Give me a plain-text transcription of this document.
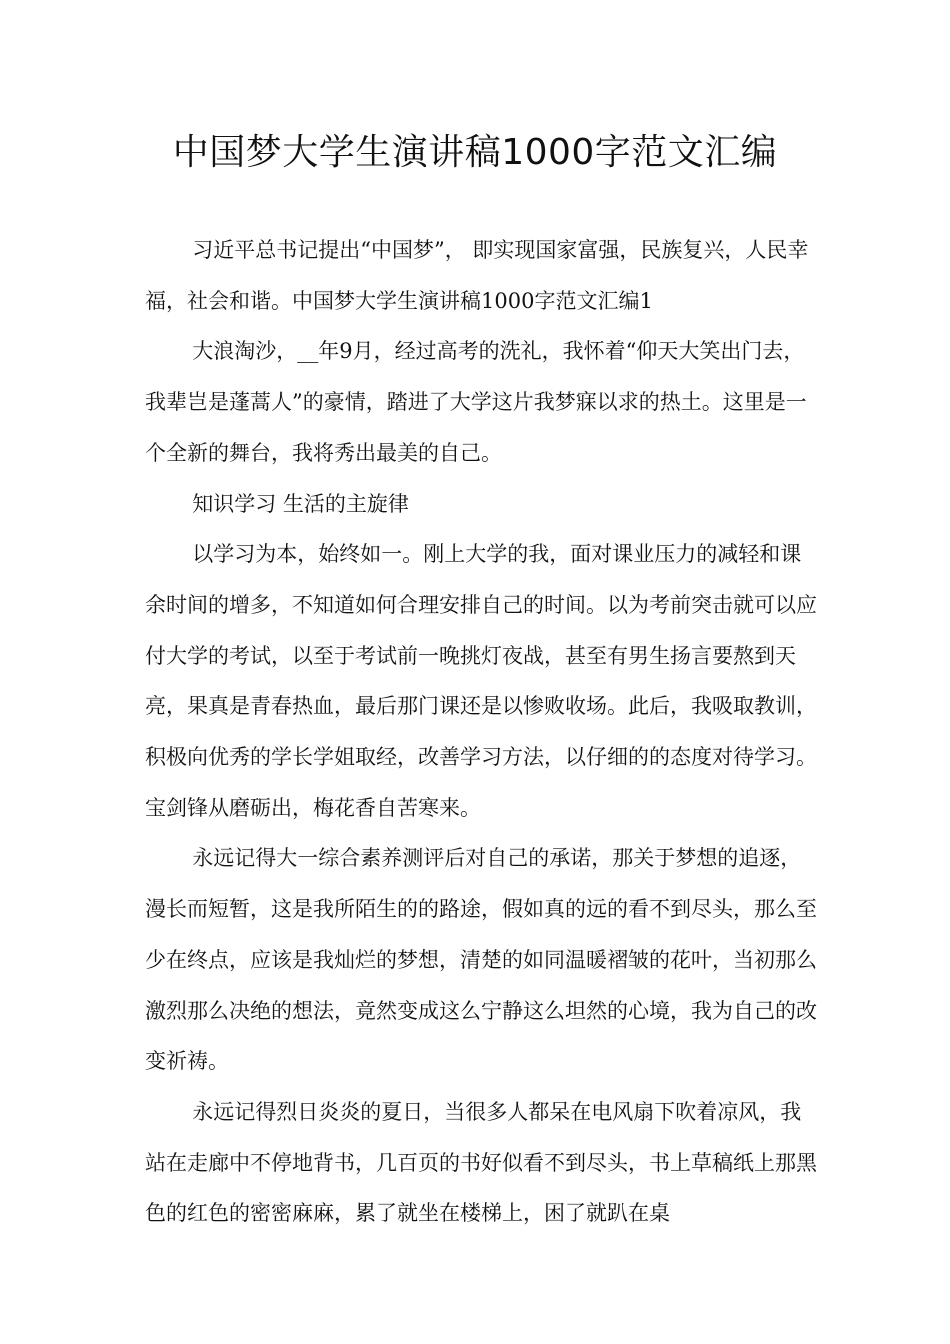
中国梦大学生演讲稿1000字范文汇编

习近平总书记提出“中国梦”， 即实现国家富强，民族复兴，人民幸福，社会和谐。中国梦大学生演讲稿1000字范文汇编1

大浪淘沙，__年9月，经过高考的洗礼，我怀着“仰天大笑出门去，我辈岂是蓬蒿人”的豪情，踏进了大学这片我梦寐以求的热土。这里是一个全新的舞台，我将秀出最美的自己。

知识学习 生活的主旋律

以学习为本，始终如一。刚上大学的我，面对课业压力的减轻和课余时间的增多，不知道如何合理安排自己的时间。以为考前突击就可以应付大学的考试，以至于考试前一晚挑灯夜战，甚至有男生扬言要熬到天亮，果真是青春热血，最后那门课还是以惨败收场。此后，我吸取教训，积极向优秀的学长学姐取经，改善学习方法，以仔细的的态度对待学习。宝剑锋从磨砺出，梅花香自苦寒来。

永远记得大一综合素养测评后对自己的承诺，那关于梦想的追逐，漫长而短暂，这是我所陌生的的路途，假如真的远的看不到尽头，那么至少在终点，应该是我灿烂的梦想，清楚的如同温暖褶皱的花叶，当初那么激烈那么决绝的想法，竟然变成这么宁静这么坦然的心境，我为自己的改变祈祷。

永远记得烈日炎炎的夏日，当很多人都呆在电风扇下吹着凉风，我站在走廊中不停地背书，几百页的书好似看不到尽头，书上草稿纸上那黑色的红色的密密麻麻，累了就坐在楼梯上，困了就趴在桌
